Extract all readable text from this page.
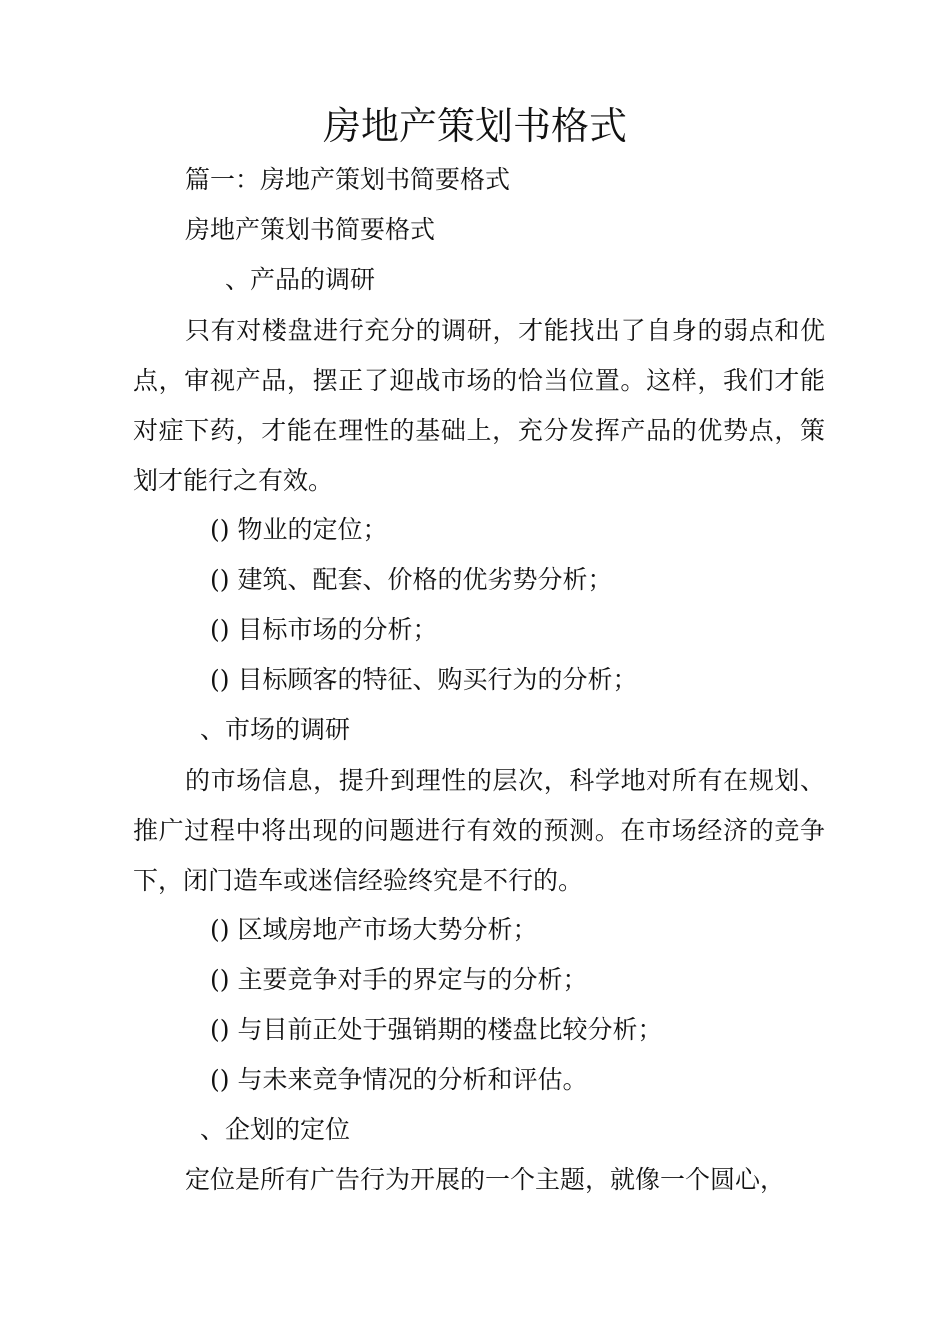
房地产策划书格式
篇一：房地产策划书简要格式
房地产策划书简要格式
、产品的调研
只有对楼盘进行充分的调研，才能找出了自身的弱点和优点，审视产品，摆正了迎战市场的恰当位置。这样，我们才能对症下药，才能在理性的基础上，充分发挥产品的优势点，策划才能行之有效。
() 物业的定位；
() 建筑、配套、价格的优劣势分析；
() 目标市场的分析；
() 目标顾客的特征、购买行为的分析；
、市场的调研
的市场信息，提升到理性的层次，科学地对所有在规划、推广过程中将出现的问题进行有效的预测。在市场经济的竞争下，闭门造车或迷信经验终究是不行的。
() 区域房地产市场大势分析；
() 主要竞争对手的界定与的分析；
() 与目前正处于强销期的楼盘比较分析；
() 与未来竞争情况的分析和评估。
、企划的定位
定位是所有广告行为开展的一个主题，就像一个圆心，
